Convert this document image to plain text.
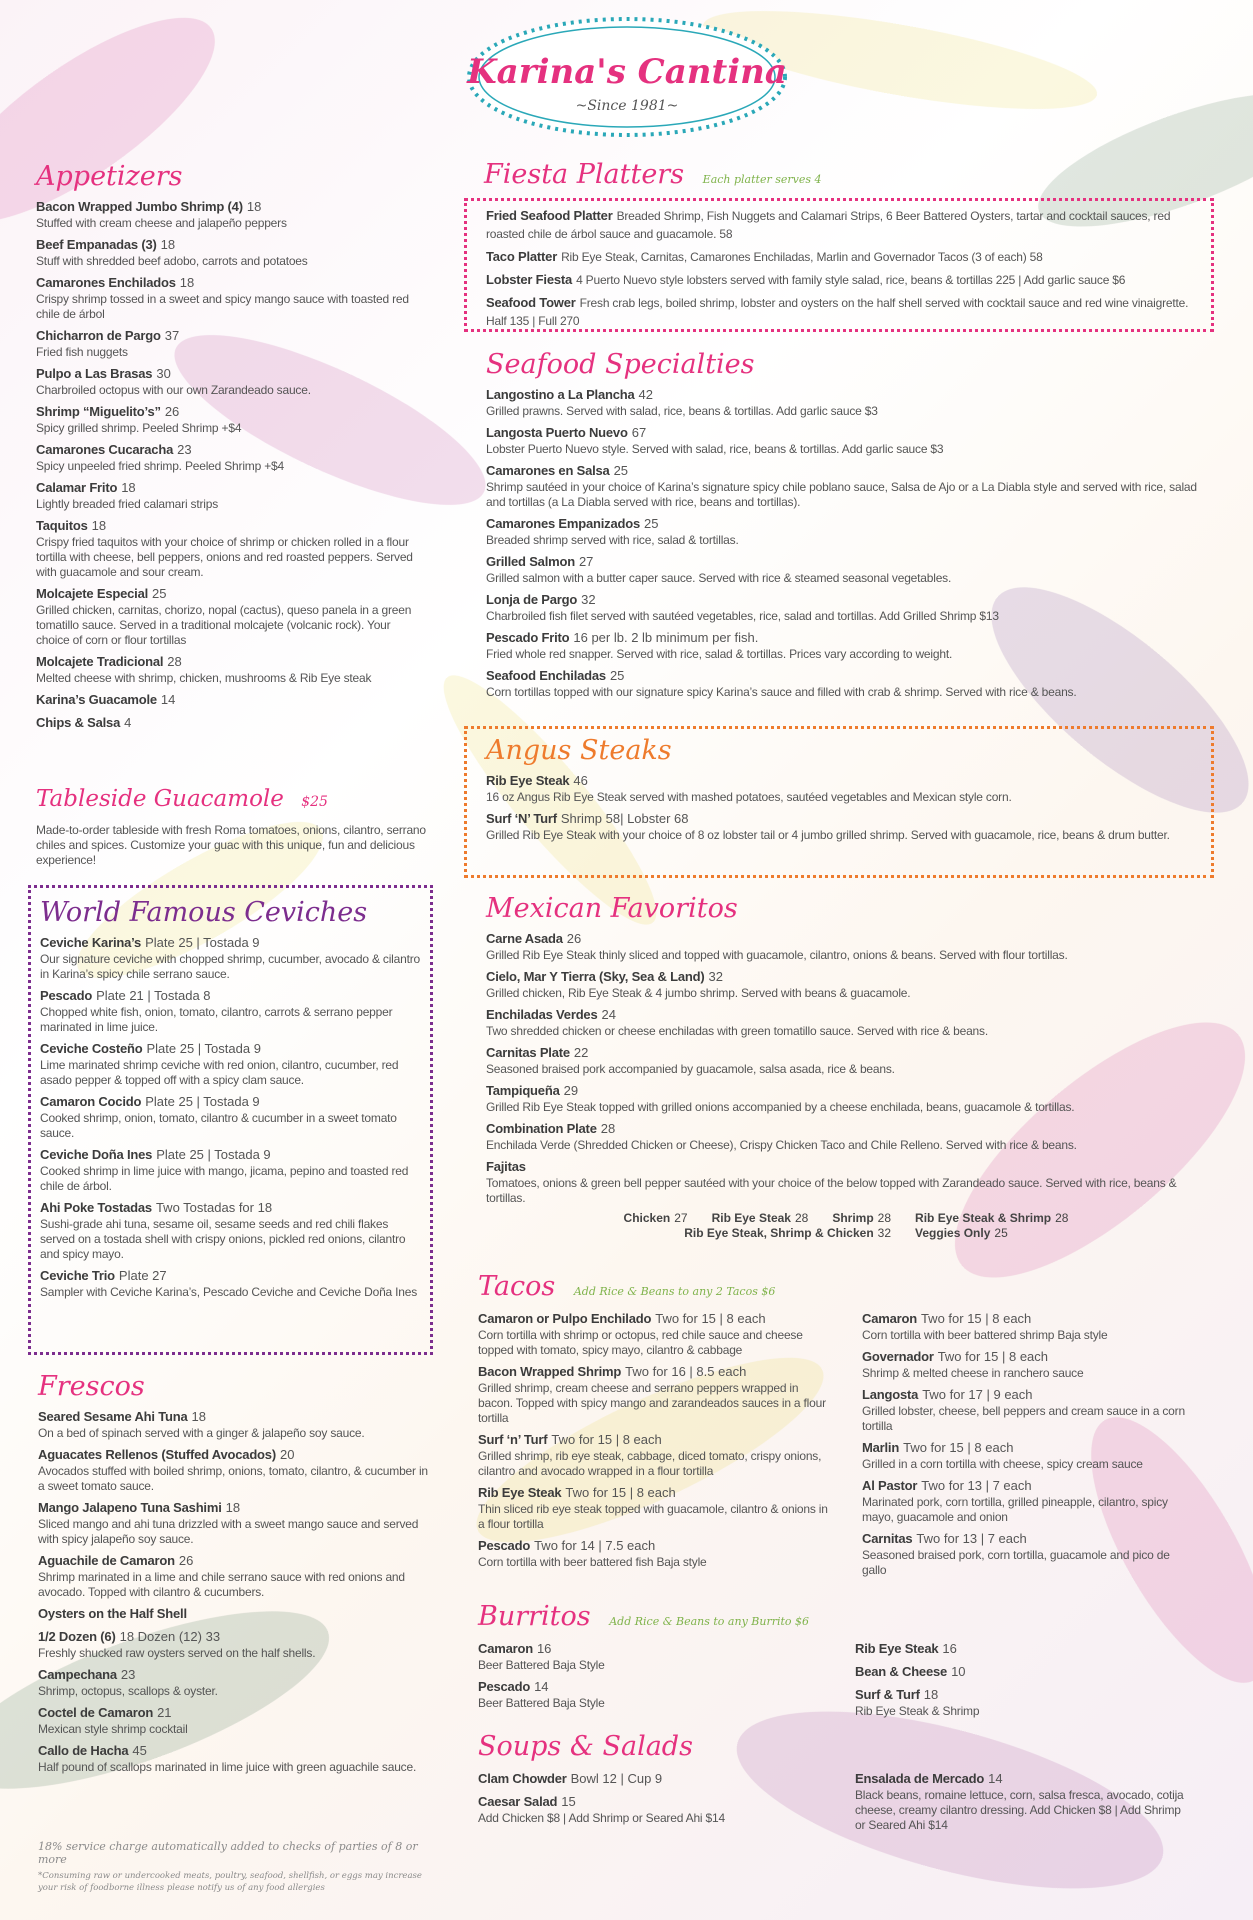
Karina's Cantina
~Since 1981~
Appetizers
Bacon Wrapped Jumbo Shrimp (4) 18
Stuffed with cream cheese and jalapeño peppers
Beef Empanadas (3) 18
Stuff with shredded beef adobo, carrots and potatoes
Camarones Enchilados 18
Crispy shrimp tossed in a sweet and spicy mango sauce with toasted red chile de árbol
Chicharron de Pargo 37
Fried fish nuggets
Pulpo a Las Brasas 30
Charbroiled octopus with our own Zarandeado sauce.
Shrimp “Miguelito’s” 26
Spicy grilled shrimp. Peeled Shrimp +$4
Camarones Cucaracha 23
Spicy unpeeled fried shrimp. Peeled Shrimp +$4
Calamar Frito 18
Lightly breaded fried calamari strips
Taquitos 18
Crispy fried taquitos with your choice of shrimp or chicken rolled in a flour tortilla with cheese, bell peppers, onions and red roasted peppers. Served with guacamole and sour cream.
Molcajete Especial 25
Grilled chicken, carnitas, chorizo, nopal (cactus), queso panela in a green tomatillo sauce. Served in a traditional molcajete (volcanic rock). Your choice of corn or flour tortillas
Molcajete Tradicional 28
Melted cheese with shrimp, chicken, mushrooms & Rib Eye steak
Karina’s Guacamole 14
Chips & Salsa 4
Tableside Guacamole $25
Made-to-order tableside with fresh Roma tomatoes, onions, cilantro, serrano chiles and spices. Customize your guac with this unique, fun and delicious experience!
World Famous Ceviches
Ceviche Karina’s Plate 25 | Tostada 9
Our signature ceviche with chopped shrimp, cucumber, avocado & cilantro in Karina’s spicy chile serrano sauce.
Pescado Plate 21 | Tostada 8
Chopped white fish, onion, tomato, cilantro, carrots & serrano pepper marinated in lime juice.
Ceviche Costeño Plate 25 | Tostada 9
Lime marinated shrimp ceviche with red onion, cilantro, cucumber, red asado pepper & topped off with a spicy clam sauce.
Camaron Cocido Plate 25 | Tostada 9
Cooked shrimp, onion, tomato, cilantro & cucumber in a sweet tomato sauce.
Ceviche Doña Ines Plate 25 | Tostada 9
Cooked shrimp in lime juice with mango, jicama, pepino and toasted red chile de árbol.
Ahi Poke Tostadas Two Tostadas for 18
Sushi-grade ahi tuna, sesame oil, sesame seeds and red chili flakes served on a tostada shell with crispy onions, pickled red onions, cilantro and spicy mayo.
Ceviche Trio Plate 27
Sampler with Ceviche Karina’s, Pescado Ceviche and Ceviche Doña Ines
Frescos
Seared Sesame Ahi Tuna 18
On a bed of spinach served with a ginger & jalapeño soy sauce.
Aguacates Rellenos (Stuffed Avocados) 20
Avocados stuffed with boiled shrimp, onions, tomato, cilantro, & cucumber in a sweet tomato sauce.
Mango Jalapeno Tuna Sashimi 18
Sliced mango and ahi tuna drizzled with a sweet mango sauce and served with spicy jalapeño soy sauce.
Aguachile de Camaron 26
Shrimp marinated in a lime and chile serrano sauce with red onions and avocado. Topped with cilantro & cucumbers.
Oysters on the Half Shell
1/2 Dozen (6) 18 Dozen (12) 33
Freshly shucked raw oysters served on the half shells.
Campechana 23
Shrimp, octopus, scallops & oyster.
Coctel de Camaron 21
Mexican style shrimp cocktail
Callo de Hacha 45
Half pound of scallops marinated in lime juice with green aguachile sauce.
18% service charge automatically added to checks of parties of 8 or more
*Consuming raw or undercooked meats, poultry, seafood, shellfish, or eggs may increase your risk of foodborne illness please notify us of any food allergies
Fiesta Platters Each platter serves 4
Fried Seafood Platter Breaded Shrimp, Fish Nuggets and Calamari Strips, 6 Beer Battered Oysters, tartar and cocktail sauces, red roasted chile de árbol sauce and guacamole. 58
Taco Platter Rib Eye Steak, Carnitas, Camarones Enchiladas, Marlin and Governador Tacos (3 of each) 58
Lobster Fiesta 4 Puerto Nuevo style lobsters served with family style salad, rice, beans & tortillas 225 | Add garlic sauce $6
Seafood Tower Fresh crab legs, boiled shrimp, lobster and oysters on the half shell served with cocktail sauce and red wine vinaigrette. Half 135 | Full 270
Seafood Specialties
Langostino a La Plancha 42
Grilled prawns. Served with salad, rice, beans & tortillas. Add garlic sauce $3
Langosta Puerto Nuevo 67
Lobster Puerto Nuevo style. Served with salad, rice, beans & tortillas. Add garlic sauce $3
Camarones en Salsa 25
Shrimp sautéed in your choice of Karina’s signature spicy chile poblano sauce, Salsa de Ajo or a La Diabla style and served with rice, salad and tortillas (a La Diabla served with rice, beans and tortillas).
Camarones Empanizados 25
Breaded shrimp served with rice, salad & tortillas.
Grilled Salmon 27
Grilled salmon with a butter caper sauce. Served with rice & steamed seasonal vegetables.
Lonja de Pargo 32
Charbroiled fish filet served with sautéed vegetables, rice, salad and tortillas. Add Grilled Shrimp $13
Pescado Frito 16 per lb. 2 lb minimum per fish.
Fried whole red snapper. Served with rice, salad & tortillas. Prices vary according to weight.
Seafood Enchiladas 25
Corn tortillas topped with our signature spicy Karina’s sauce and filled with crab & shrimp. Served with rice & beans.
Angus Steaks
Rib Eye Steak 46
16 oz Angus Rib Eye Steak served with mashed potatoes, sautéed vegetables and Mexican style corn.
Surf ‘N’ Turf Shrimp 58| Lobster 68
Grilled Rib Eye Steak with your choice of 8 oz lobster tail or 4 jumbo grilled shrimp. Served with guacamole, rice, beans & drum butter.
Mexican Favoritos
Carne Asada 26
Grilled Rib Eye Steak thinly sliced and topped with guacamole, cilantro, onions & beans. Served with flour tortillas.
Cielo, Mar Y Tierra (Sky, Sea & Land) 32
Grilled chicken, Rib Eye Steak & 4 jumbo shrimp. Served with beans & guacamole.
Enchiladas Verdes 24
Two shredded chicken or cheese enchiladas with green tomatillo sauce. Served with rice & beans.
Carnitas Plate 22
Seasoned braised pork accompanied by guacamole, salsa asada, rice & beans.
Tampiqueña 29
Grilled Rib Eye Steak topped with grilled onions accompanied by a cheese enchilada, beans, guacamole & tortillas.
Combination Plate 28
Enchilada Verde (Shredded Chicken or Cheese), Crispy Chicken Taco and Chile Relleno. Served with rice & beans.
Fajitas
Tomatoes, onions & green bell pepper sautéed with your choice of the below topped with Zarandeado sauce. Served with rice, beans & tortillas.
Chicken 27 Rib Eye Steak 28 Shrimp 28 Rib Eye Steak & Shrimp 28
Rib Eye Steak, Shrimp & Chicken 32 Veggies Only 25
Tacos Add Rice & Beans to any 2 Tacos $6
Camaron or Pulpo Enchilado Two for 15 | 8 each
Corn tortilla with shrimp or octopus, red chile sauce and cheese topped with tomato, spicy mayo, cilantro & cabbage
Bacon Wrapped Shrimp Two for 16 | 8.5 each
Grilled shrimp, cream cheese and serrano peppers wrapped in bacon. Topped with spicy mango and zarandeados sauces in a flour tortilla
Surf ‘n’ Turf Two for 15 | 8 each
Grilled shrimp, rib eye steak, cabbage, diced tomato, crispy onions, cilantro and avocado wrapped in a flour tortilla
Rib Eye Steak Two for 15 | 8 each
Thin sliced rib eye steak topped with guacamole, cilantro & onions in a flour tortilla
Pescado Two for 14 | 7.5 each
Corn tortilla with beer battered fish Baja style
Camaron Two for 15 | 8 each
Corn tortilla with beer battered shrimp Baja style
Governador Two for 15 | 8 each
Shrimp & melted cheese in ranchero sauce
Langosta Two for 17 | 9 each
Grilled lobster, cheese, bell peppers and cream sauce in a corn tortilla
Marlin Two for 15 | 8 each
Grilled in a corn tortilla with cheese, spicy cream sauce
Al Pastor Two for 13 | 7 each
Marinated pork, corn tortilla, grilled pineapple, cilantro, spicy mayo, guacamole and onion
Carnitas Two for 13 | 7 each
Seasoned braised pork, corn tortilla, guacamole and pico de gallo
Burritos Add Rice & Beans to any Burrito $6
Camaron 16
Beer Battered Baja Style
Pescado 14
Beer Battered Baja Style
Rib Eye Steak 16
Bean & Cheese 10
Surf & Turf 18
Rib Eye Steak & Shrimp
Soups & Salads
Clam Chowder Bowl 12 | Cup 9
Caesar Salad 15
Add Chicken $8 | Add Shrimp or Seared Ahi $14
Ensalada de Mercado 14
Black beans, romaine lettuce, corn, salsa fresca, avocado, cotija cheese, creamy cilantro dressing. Add Chicken $8 | Add Shrimp or Seared Ahi $14
